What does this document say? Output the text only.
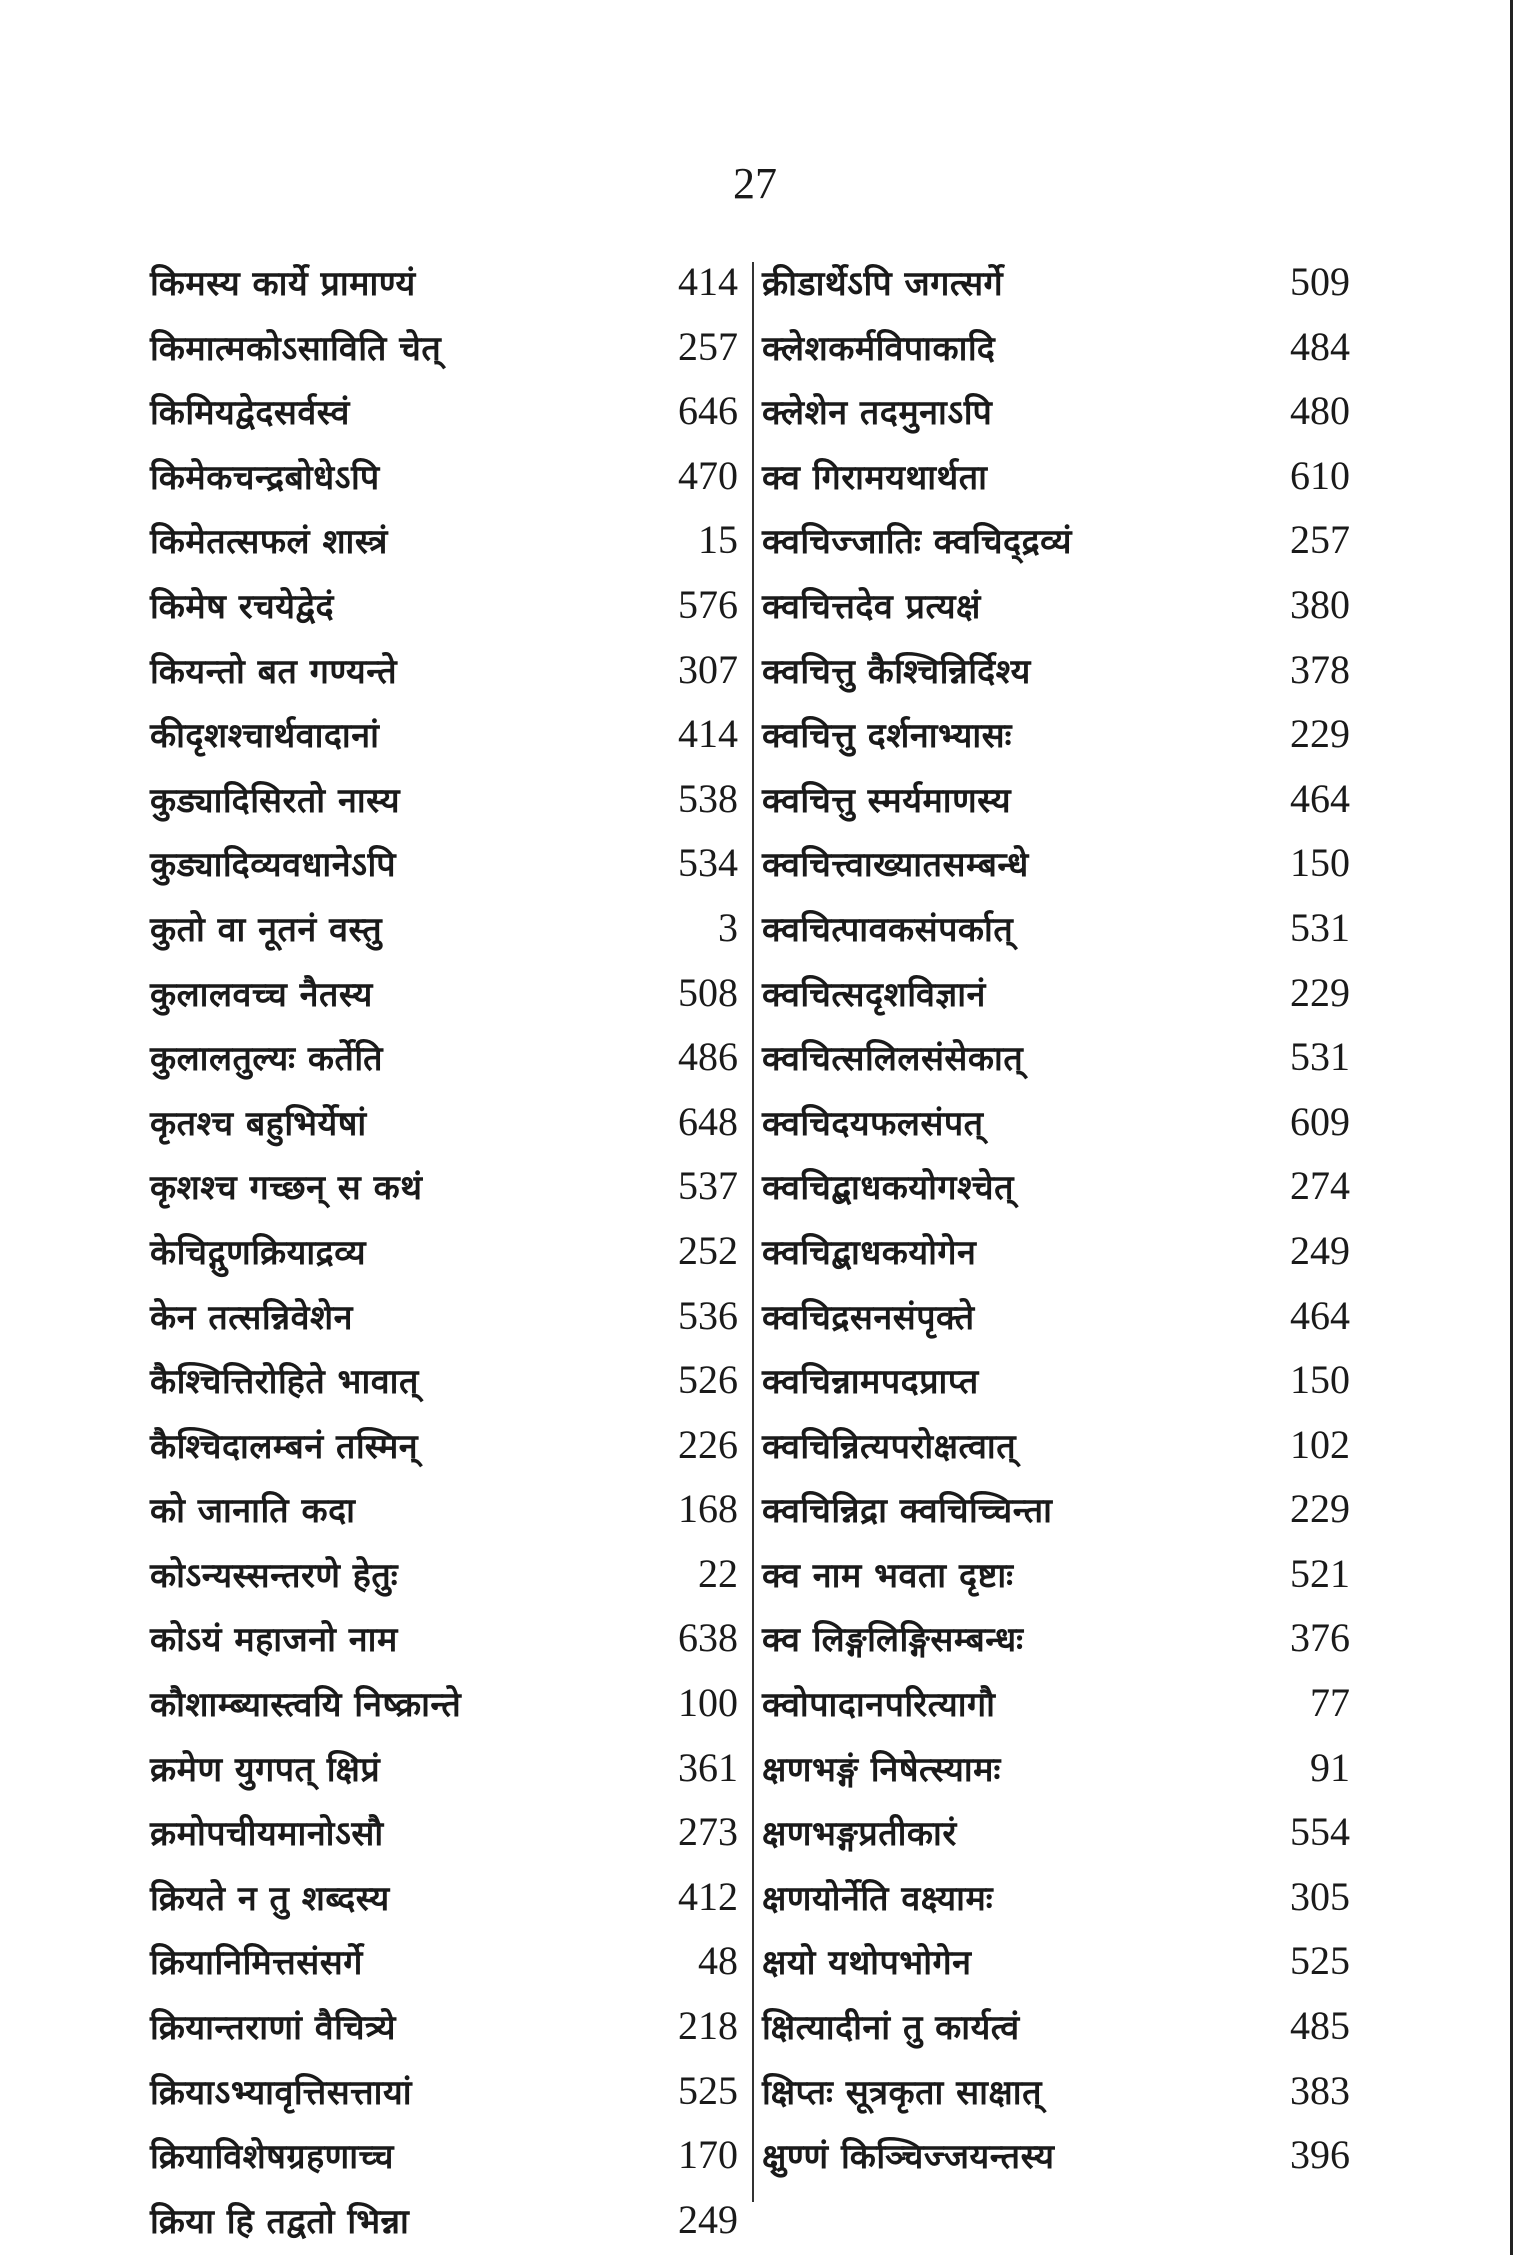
27
किमस्य कार्ये प्रामाण्यं	414
किमात्मकोऽसाविति चेत्	257
किमियद्वेदसर्वस्वं	646
किमेकचन्द्रबोधेऽपि	470
किमेतत्सफलं शास्त्रं	15
किमेष रचयेद्वेदं	576
कियन्तो बत गण्यन्ते	307
कीदृशश्चार्थवादानां	414
कुड्यादिसिरतो नास्य	538
कुड्यादिव्यवधानेऽपि	534
कुतो वा नूतनं वस्तु	3
कुलालवच्च नैतस्य	508
कुलालतुल्यः कर्तेति	486
कृतश्च बहुभिर्येषां	648
कृशश्च गच्छन् स कथं	537
केचिद्गुणक्रियाद्रव्य	252
केन तत्सन्निवेशेन	536
कैश्चित्तिरोहिते भावात्	526
कैश्चिदालम्बनं तस्मिन्	226
को जानाति कदा	168
कोऽन्यस्सन्तरणे हेतुः	22
कोऽयं महाजनो नाम	638
कौशाम्ब्यास्त्वयि निष्क्रान्ते	100
क्रमेण युगपत् क्षिप्रं	361
क्रमोपचीयमानोऽसौ	273
क्रियते न तु शब्दस्य	412
क्रियानिमित्तसंसर्गे	48
क्रियान्तराणां वैचित्र्ये	218
क्रियाऽभ्यावृत्तिसत्तायां	525
क्रियाविशेषग्रहणाच्च	170
क्रिया हि तद्वतो भिन्ना	249
क्रीडार्थेऽपि जगत्सर्गे	509
क्लेशकर्मविपाकादि	484
क्लेशेन तदमुनाऽपि	480
क्व गिरामयथार्थता	610
क्वचिज्जातिः क्वचिद्द्रव्यं	257
क्वचित्तदेव प्रत्यक्षं	380
क्वचित्तु कैश्चिन्निर्दिश्य	378
क्वचित्तु दर्शनाभ्यासः	229
क्वचित्तु स्मर्यमाणस्य	464
क्वचित्त्वाख्यातसम्बन्धे	150
क्वचित्पावकसंपर्कात्	531
क्वचित्सदृशविज्ञानं	229
क्वचित्सलिलसंसेकात्	531
क्वचिदयफलसंपत्	609
क्वचिद्बाधकयोगश्चेत्	274
क्वचिद्बाधकयोगेन	249
क्वचिद्रसनसंपृक्ते	464
क्वचिन्नामपदप्राप्त	150
क्वचिन्नित्यपरोक्षत्वात्	102
क्वचिन्निद्रा क्वचिच्चिन्ता	229
क्व नाम भवता दृष्टाः	521
क्व लिङ्गलिङ्गिसम्बन्धः	376
क्वोपादानपरित्यागौ	77
क्षणभङ्गं निषेत्स्यामः	91
क्षणभङ्गप्रतीकारं	554
क्षणयोर्नेति वक्ष्यामः	305
क्षयो यथोपभोगेन	525
क्षित्यादीनां तु कार्यत्वं	485
क्षिप्तः सूत्रकृता साक्षात्	383
क्षुण्णं किञ्चिज्जयन्तस्य	396
